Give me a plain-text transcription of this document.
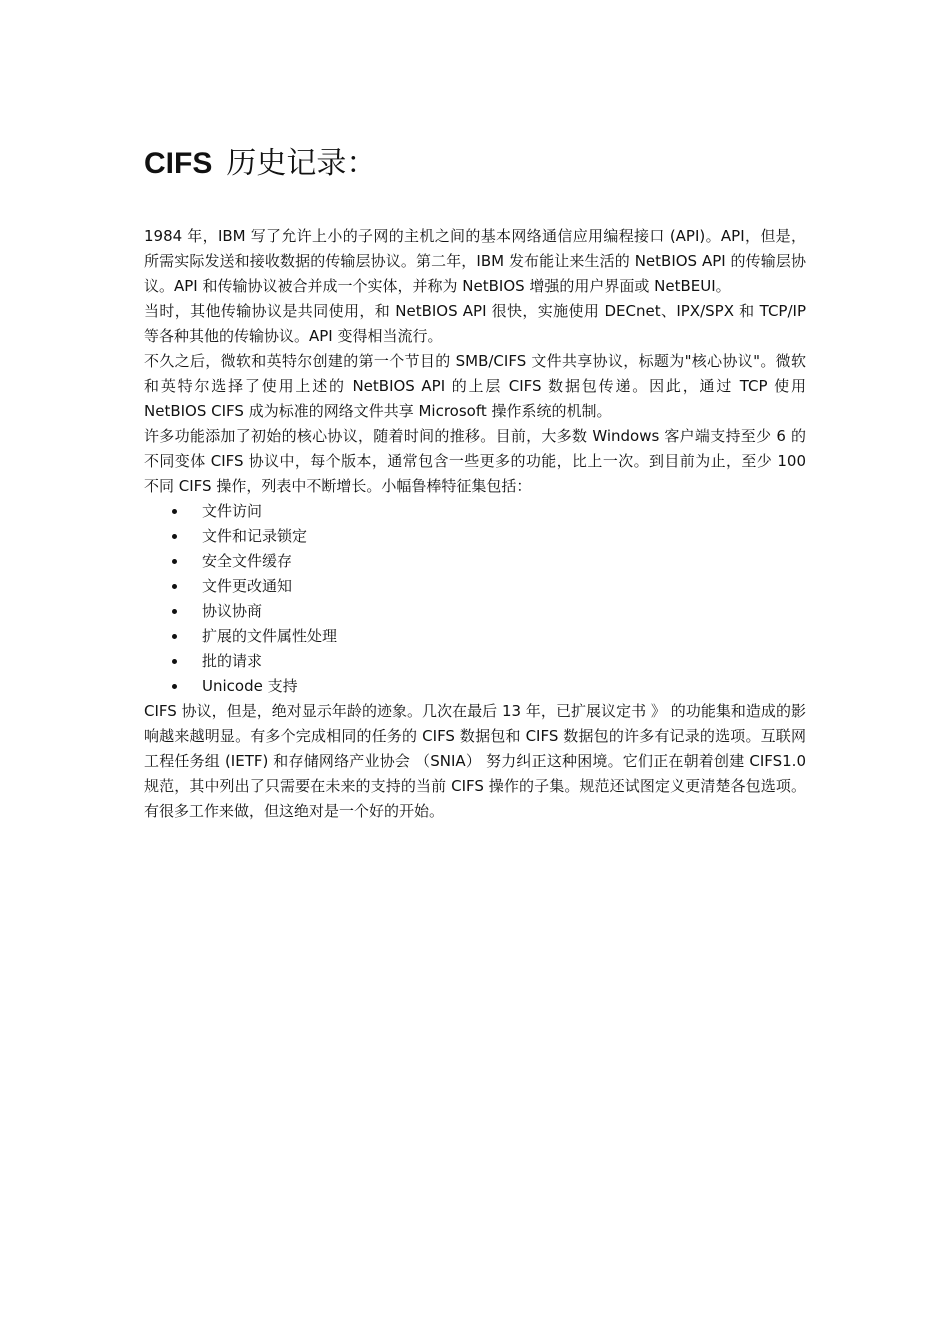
CIFS 历史记录：

1984 年，IBM 写了允许上小的子网的主机之间的基本网络通信应用编程接口 (API)。API，但是，所需实际发送和接收数据的传输层协议。第二年，IBM 发布能让来生活的 NetBIOS API 的传输层协议。API 和传输协议被合并成一个实体，并称为 NetBIOS 增强的用户界面或 NetBEUI。

当时，其他传输协议是共同使用，和 NetBIOS API 很快，实施使用 DECnet、IPX/SPX 和 TCP/IP 等各种其他的传输协议。API 变得相当流行。

不久之后，微软和英特尔创建的第一个节目的 SMB/CIFS 文件共享协议，标题为"核心协议"。微软和英特尔选择了使用上述的 NetBIOS API 的上层 CIFS 数据包传递。因此，通过 TCP 使用 NetBIOS CIFS 成为标准的网络文件共享 Microsoft 操作系统的机制。

许多功能添加了初始的核心协议，随着时间的推移。目前，大多数 Windows 客户端支持至少 6 的不同变体 CIFS 协议中，每个版本，通常包含一些更多的功能，比上一次。到目前为止，至少 100 不同 CIFS 操作，列表中不断增长。小幅鲁棒特征集包括：

文件访问
文件和记录锁定
安全文件缓存
文件更改通知
协议协商
扩展的文件属性处理
批的请求
Unicode 支持

CIFS 协议，但是，绝对显示年龄的迹象。几次在最后 13 年，已扩展议定书 》 的功能集和造成的影响越来越明显。有多个完成相同的任务的 CIFS 数据包和 CIFS 数据包的许多有记录的选项。互联网工程任务组 (IETF) 和存储网络产业协会 （SNIA） 努力纠正这种困境。它们正在朝着创建 CIFS1.0 规范，其中列出了只需要在未来的支持的当前 CIFS 操作的子集。规范还试图定义更清楚各包选项。有很多工作来做，但这绝对是一个好的开始。
